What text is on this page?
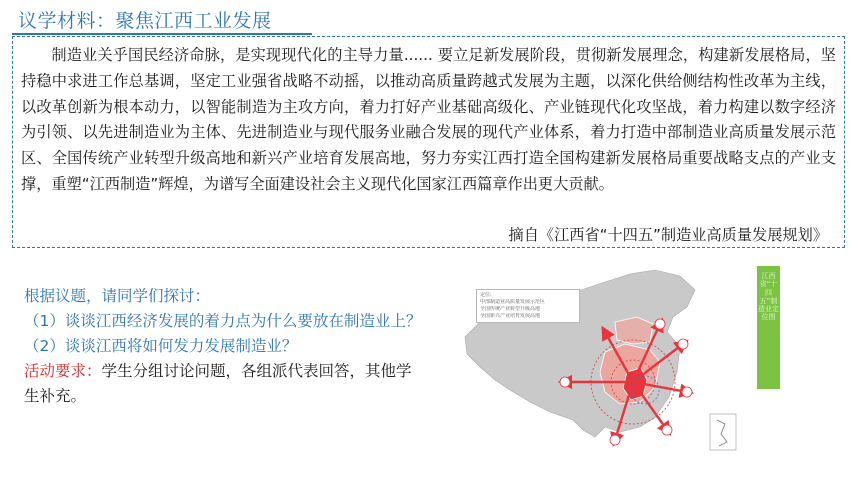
议学材料：聚焦江西工业发展

制造业关乎国民经济命脉，是实现现代化的主导力量...... 要立足新发展阶段，贯彻新发展理念，构建新发展格局，坚持稳中求进工作总基调，坚定工业强省战略不动摇，以推动高质量跨越式发展为主题，以深化供给侧结构性改革为主线，以改革创新为根本动力，以智能制造为主攻方向，着力打好产业基础高级化、产业链现代化攻坚战，着力构建以数字经济为引领、以先进制造业为主体、先进制造业与现代服务业融合发展的现代产业体系，着力打造中部制造业高质量发展示范区、全国传统产业转型升级高地和新兴产业培育发展高地，努力夯实江西打造全国构建新发展格局重要战略支点的产业支撑，重塑“江西制造”辉煌，为谱写全面建设社会主义现代化国家江西篇章作出更大贡献。

摘自《江西省“十四五”制造业高质量发展规划》

根据议题，请同学们探讨：

（1）谈谈江西经济发展的着力点为什么要放在制造业上？

（2）谈谈江西将如何发力发展制造业？

活动要求：学生分组讨论问题，各组派代表回答，其他学生补充。

定位:
中部制造业高质量发展示范区
全国传统产业转型升级高地
全国新兴产业培育发展高地
江西省“十四五”制造业定位图
